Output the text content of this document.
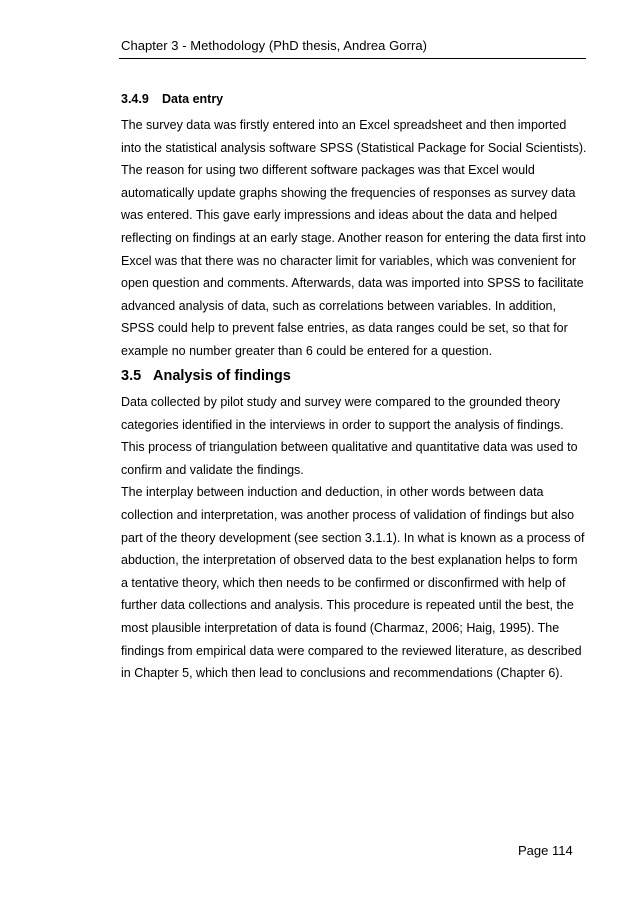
Chapter 3 - Methodology (PhD thesis, Andrea Gorra)
3.4.9 Data entry

The survey data was firstly entered into an Excel spreadsheet and then imported
into the statistical analysis software SPSS (Statistical Package for Social Scientists).
The reason for using two different software packages was that Excel would
automatically update graphs showing the frequencies of responses as survey data
was entered. This gave early impressions and ideas about the data and helped
reflecting on findings at an early stage. Another reason for entering the data first into
Excel was that there was no character limit for variables, which was convenient for
open question and comments. Afterwards, data was imported into SPSS to facilitate
advanced analysis of data, such as correlations between variables. In addition,
SPSS could help to prevent false entries, as data ranges could be set, so that for
example no number greater than 6 could be entered for a question.

3.5 Analysis of findings

Data collected by pilot study and survey were compared to the grounded theory
categories identified in the interviews in order to support the analysis of findings.
This process of triangulation between qualitative and quantitative data was used to
confirm and validate the findings.
The interplay between induction and deduction, in other words between data
collection and interpretation, was another process of validation of findings but also
part of the theory development (see section 3.1.1). In what is known as a process of
abduction, the interpretation of observed data to the best explanation helps to form
a tentative theory, which then needs to be confirmed or disconfirmed with help of
further data collections and analysis. This procedure is repeated until the best, the
most plausible interpretation of data is found (Charmaz, 2006; Haig, 1995). The
findings from empirical data were compared to the reviewed literature, as described
in Chapter 5, which then lead to conclusions and recommendations (Chapter 6).

Page 114
